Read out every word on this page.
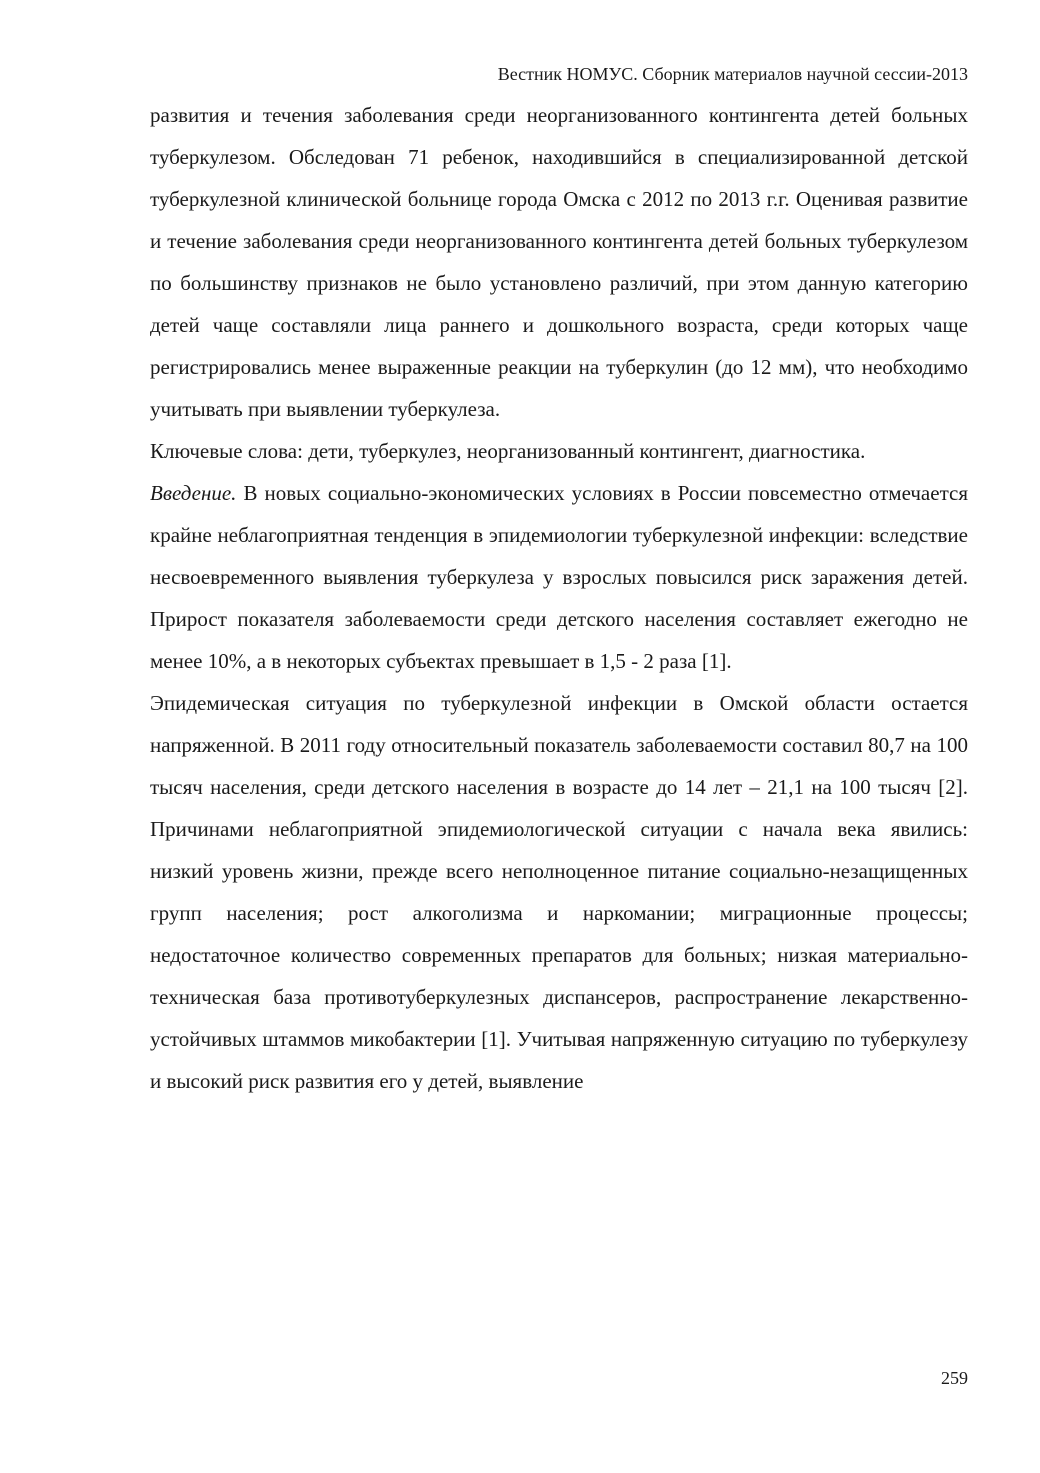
Вестник НОМУС. Сборник материалов научной сессии-2013

развития и течения заболевания среди неорганизованного контингента детей больных туберкулезом. Обследован 71 ребенок, находившийся в специализированной детской туберкулезной клинической больнице города Омска с 2012 по 2013 г.г. Оценивая развитие и течение заболевания среди неорганизованного контингента детей больных туберкулезом по большинству признаков не было установлено различий, при этом данную категорию детей чаще составляли лица раннего и дошкольного возраста, среди которых чаще регистрировались менее выраженные реакции на туберкулин (до 12 мм), что необходимо учитывать при выявлении туберкулеза.

Ключевые слова: дети, туберкулез, неорганизованный контингент, диагностика.

Введение. В новых социально-экономических условиях в России повсеместно отмечается крайне неблагоприятная тенденция в эпидемиологии туберкулезной инфекции: вследствие несвоевременного выявления туберкулеза у взрослых повысился риск заражения детей. Прирост показателя заболеваемости среди детского населения составляет ежегодно не менее 10%, а в некоторых субъектах превышает в 1,5 - 2 раза [1].

Эпидемическая ситуация по туберкулезной инфекции в Омской области остается напряженной. В 2011 году относительный показатель заболеваемости составил 80,7 на 100 тысяч населения, среди детского населения в возрасте до 14 лет – 21,1 на 100 тысяч [2]. Причинами неблагоприятной эпидемиологической ситуации с начала века явились: низкий уровень жизни, прежде всего неполноценное питание социально-незащищенных групп населения; рост алкоголизма и наркомании; миграционные процессы; недостаточное количество современных препаратов для больных; низкая материально-техническая база противотуберкулезных диспансеров, распространение лекарственно-устойчивых штаммов микобактерии [1]. Учитывая напряженную ситуацию по туберкулезу и высокий риск развития его у детей, выявление

259
